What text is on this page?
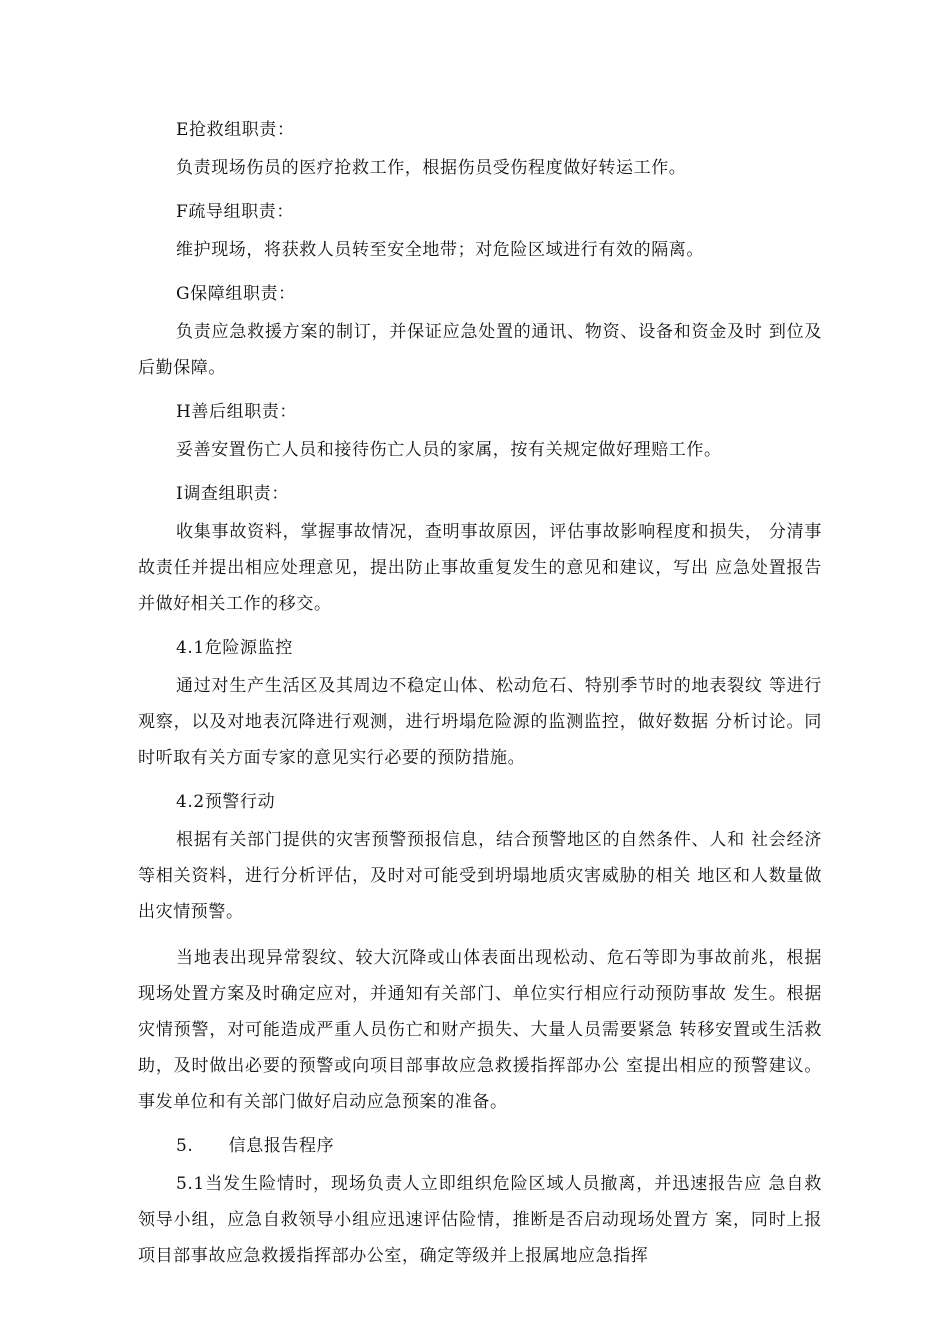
E抢救组职责：
负责现场伤员的医疗抢救工作，根据伤员受伤程度做好转运工作。
F疏导组职责：
维护现场，将获救人员转至安全地带；对危险区域进行有效的隔离。
G保障组职责：
负责应急救援方案的制订，并保证应急处置的通讯、物资、设备和资金及时 到位及后勤保障。
H善后组职责：
妥善安置伤亡人员和接待伤亡人员的家属，按有关规定做好理赔工作。
I调查组职责：
收集事故资料，掌握事故情况，查明事故原因，评估事故影响程度和损失， 分清事故责任并提出相应处理意见，提出防止事故重复发生的意见和建议，写出 应急处置报告并做好相关工作的移交。
4.1危险源监控
通过对生产生活区及其周边不稳定山体、松动危石、特别季节时的地表裂纹 等进行观察，以及对地表沉降进行观测，进行坍塌危险源的监测监控，做好数据 分析讨论。同时听取有关方面专家的意见实行必要的预防措施。
4.2预警行动
根据有关部门提供的灾害预警预报信息，结合预警地区的自然条件、人和 社会经济等相关资料，进行分析评估，及时对可能受到坍塌地质灾害威胁的相关 地区和人数量做出灾情预警。
当地表出现异常裂纹、较大沉降或山体表面出现松动、危石等即为事故前兆，根据现场处置方案及时确定应对，并通知有关部门、单位实行相应行动预防事故 发生。根据灾情预警，对可能造成严重人员伤亡和财产损失、大量人员需要紧急 转移安置或生活救助，及时做出必要的预警或向项目部事故应急救援指挥部办公 室提出相应的预警建议。事发单位和有关部门做好启动应急预案的准备。
5.　　信息报告程序
5.1当发生险情时，现场负责人立即组织危险区域人员撤离，并迅速报告应 急自救领导小组，应急自救领导小组应迅速评估险情，推断是否启动现场处置方 案，同时上报项目部事故应急救援指挥部办公室，确定等级并上报属地应急指挥
